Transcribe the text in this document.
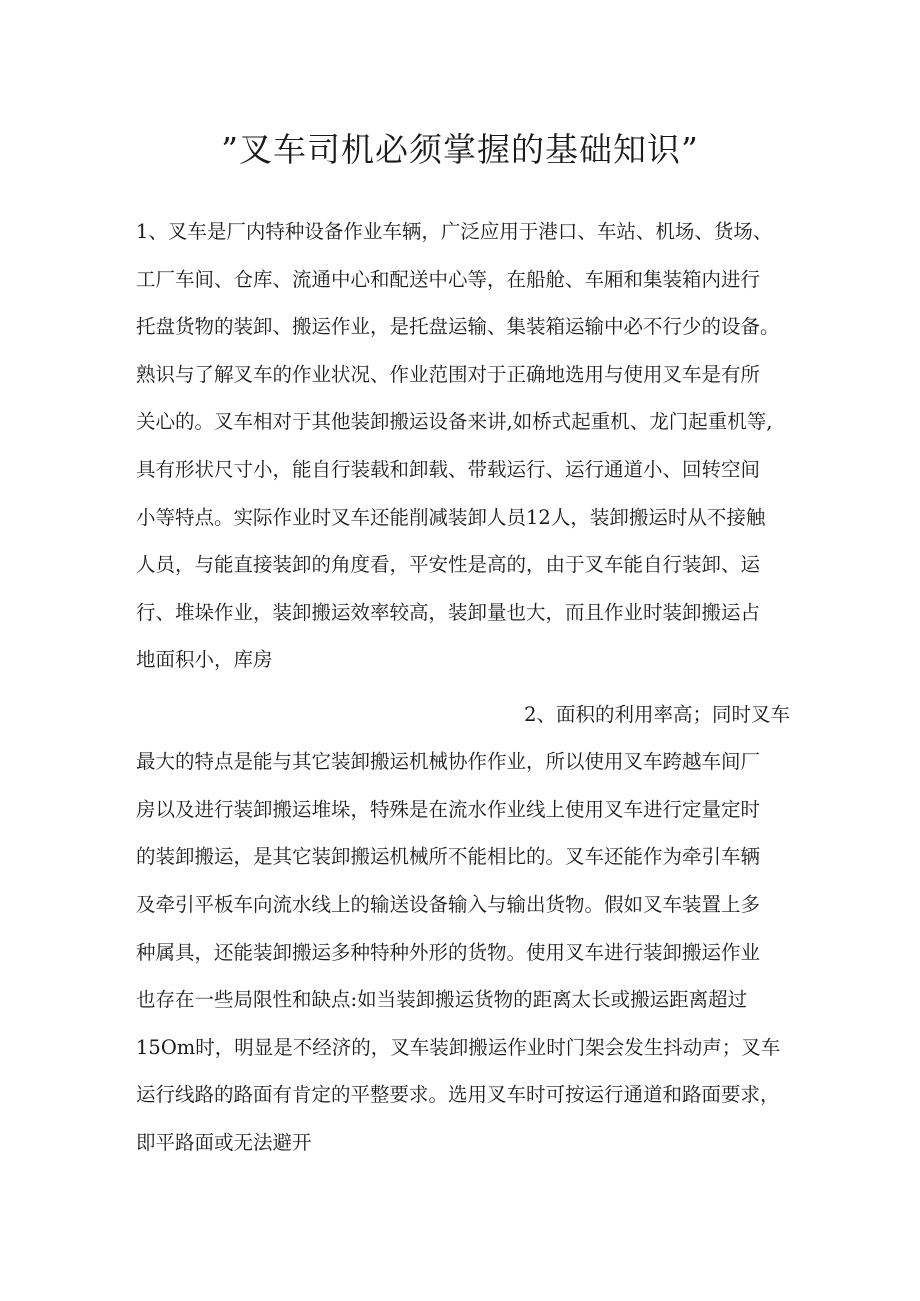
”叉车司机必须掌握的基础知识”
1、叉车是厂内特种设备作业车辆，广泛应用于港口、车站、机场、货场、
工厂车间、仓库、流通中心和配送中心等，在船舱、车厢和集装箱内进行
托盘货物的装卸、搬运作业，是托盘运输、集装箱运输中必不行少的设备。
熟识与了解叉车的作业状况、作业范围对于正确地选用与使用叉车是有所
关心的。叉车相对于其他装卸搬运设备来讲,如桥式起重机、龙门起重机等,
具有形状尺寸小，能自行装载和卸载、带载运行、运行通道小、回转空间
小等特点。实际作业时叉车还能削减装卸人员12人，装卸搬运时从不接触
人员，与能直接装卸的角度看，平安性是高的，由于叉车能自行装卸、运
行、堆垛作业，装卸搬运效率较高，装卸量也大，而且作业时装卸搬运占
地面积小，库房
2、面积的利用率高；同时叉车
最大的特点是能与其它装卸搬运机械协作作业，所以使用叉车跨越车间厂
房以及进行装卸搬运堆垛，特殊是在流水作业线上使用叉车进行定量定时
的装卸搬运，是其它装卸搬运机械所不能相比的。叉车还能作为牵引车辆
及牵引平板车向流水线上的输送设备输入与输出货物。假如叉车装置上多
种属具，还能装卸搬运多种特种外形的货物。使用叉车进行装卸搬运作业
也存在一些局限性和缺点:如当装卸搬运货物的距离太长或搬运距离超过
15Om时，明显是不经济的，叉车装卸搬运作业时门架会发生抖动声；叉车
运行线路的路面有肯定的平整要求。选用叉车时可按运行通道和路面要求，
即平路面或无法避开
